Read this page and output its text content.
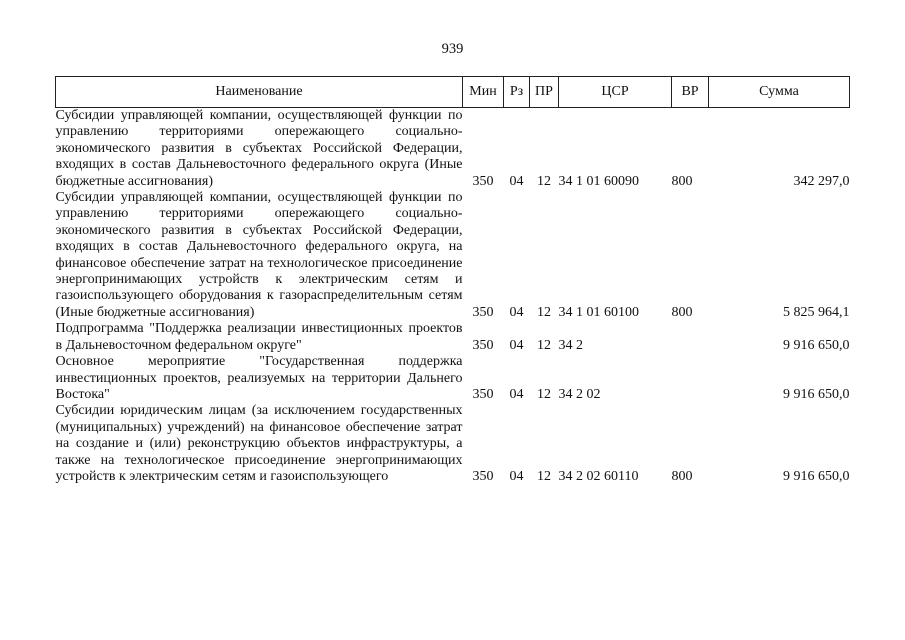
939
Наименование	Мин	Рз	ПР	ЦСР	ВР	Сумма
Субсидии управляющей компании, осуществляющей функции по управлению территориями опережающего социально-экономического развития в субъектах Российской Федерации, входящих в состав Дальневосточного федерального округа (Иные бюджетные ассигнования)	350	04	12	34 1 01 60090	800	342 297,0
Субсидии управляющей компании, осуществляющей функции по управлению территориями опережающего социально-экономического развития в субъектах Российской Федерации, входящих в состав Дальневосточного федерального округа, на финансовое обеспечение затрат на технологическое присоединение энергопринимающих устройств к электрическим сетям и газоиспользующего оборудования к газораспределительным сетям (Иные бюджетные ассигнования)	350	04	12	34 1 01 60100	800	5 825 964,1
Подпрограмма "Поддержка реализации инвестиционных проектов в Дальневосточном федеральном округе"	350	04	12	34 2		9 916 650,0
Основное мероприятие "Государственная поддержка инвестиционных проектов, реализуемых на территории Дальнего Востока"	350	04	12	34 2 02		9 916 650,0
Субсидии юридическим лицам (за исключением государственных (муниципальных) учреждений) на финансовое обеспечение затрат на создание и (или) реконструкцию объектов инфраструктуры, а также на технологическое присоединение энергопринимающих устройств к электрическим сетям и газоиспользующего	350	04	12	34 2 02 60110	800	9 916 650,0
